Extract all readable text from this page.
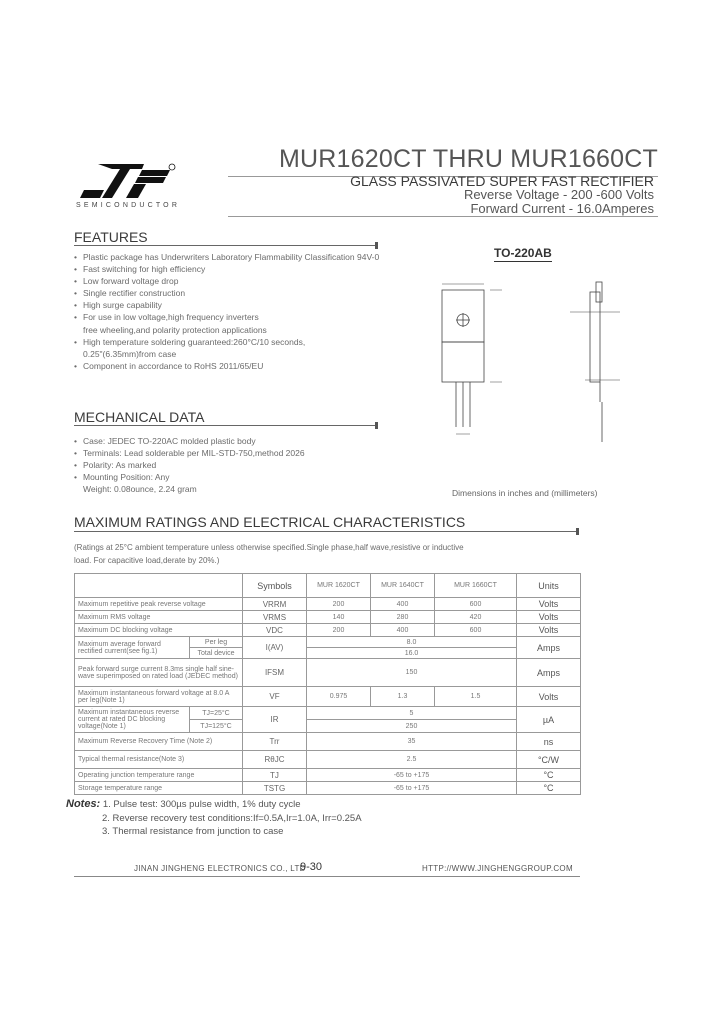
SEMICONDUCTOR
MUR1620CT THRU MUR1660CT
GLASS PASSIVATED SUPER FAST RECTIFIER
Reverse Voltage - 200 -600 Volts
Forward Current - 16.0Amperes
FEATURES
• Plastic package has Underwriters Laboratory Flammability Classification 94V-0
• Fast switching for high efficiency
• Low forward voltage drop
• Single rectifier construction
• High surge capability
• For use in low voltage,high frequency inverters
free wheeling,and polarity protection applications
• High temperature soldering guaranteed:260°C/10 seconds,
0.25"(6.35mm)from case
• Component in accordance to RoHS 2011/65/EU
TO-220AB
Dimensions in inches and (millimeters)
MECHANICAL DATA
• Case: JEDEC TO-220AC molded plastic body
• Terminals: Lead solderable per MIL-STD-750,method 2026
• Polarity: As marked
• Mounting Position: Any
Weight: 0.08ounce, 2.24 gram
MAXIMUM RATINGS AND ELECTRICAL CHARACTERISTICS
(Ratings at 25°C ambient temperature unless otherwise specified.Single phase,half wave,resistive or inductive
load. For capacitive load,derate by 20%.)
		Symbols	MUR 1620CT	MUR 1640CT	MUR 1660CT	Units
Maximum repetitive peak reverse voltage		VRRM	200	400	600	Volts
Maximum RMS voltage		VRMS	140	280	420	Volts
Maximum DC blocking voltage		VDC	200	400	600	Volts
Maximum average forward rectified current(see fig.1)	Per leg	I(AV)	8.0			Amps
	Total device		16.0			
Peak forward surge current 8.3ms single half sine-wave superimposed on rated load (JEDEC method)		IFSM	150			Amps
Maximum instantaneous forward voltage at 8.0 A per leg(Note 1)		VF	0.975	1.3	1.5	Volts
Maximum instantaneous reverse current at rated DC blocking voltage(Note 1)	TJ=25°C	IR	5			µA
	TJ=125°C		250			
Maximum Reverse Recovery Time (Note 2)		Trr	35			ns
Typical thermal resistance(Note 3)		RθJC	2.5			°C/W
Operating junction temperature range		TJ	-65 to +175			°C
Storage temperature range		TSTG	-65 to +175			°C
Notes: 1. Pulse test: 300µs pulse width, 1% duty cycle
2. Reverse recovery test conditions:If=0.5A,Ir=1.0A, Irr=0.25A
3. Thermal resistance from junction to case
JINAN JINGHENG ELECTRONICS CO., LTD
9-30	HTTP://WWW.JINGHENGGROUP.COM
